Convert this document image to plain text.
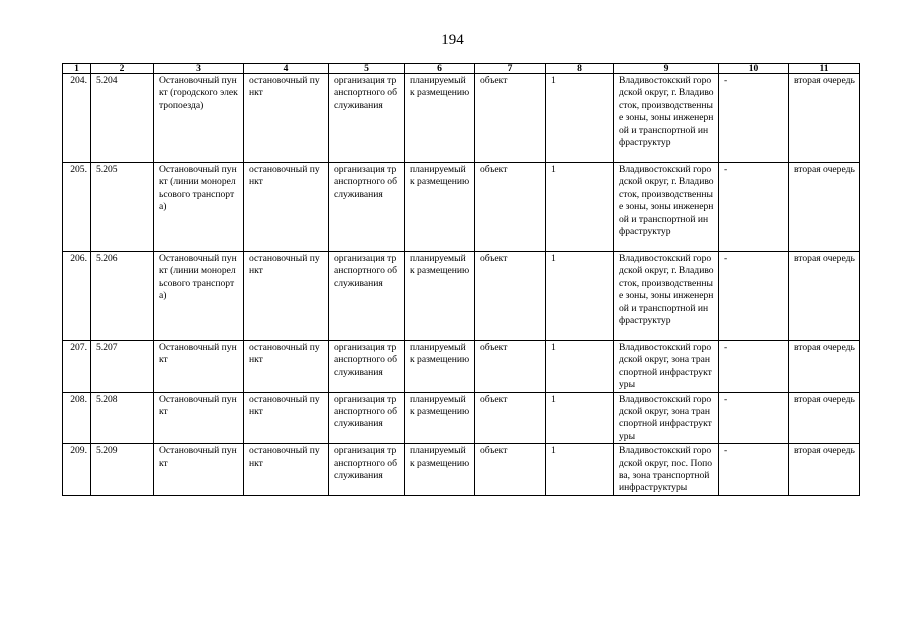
194
1	2	3	4	5	6	7	8	9	10	11
204.	5.204	Остановочный пункт (городского электропоезда)	остановочный пункт	организация транспортного обслуживания	планируемый к размещению	объект	1	Владивостокский городской округ, г. Владивосток, производственные зоны, зоны инженерной и транспортной инфраструктур	-	вторая очередь
205.	5.205	Остановочный пункт (линии монорельсового транспорта)	остановочный пункт	организация транспортного обслуживания	планируемый к размещению	объект	1	Владивостокский городской округ, г. Владивосток, производственные зоны, зоны инженерной и транспортной инфраструктур	-	вторая очередь
206.	5.206	Остановочный пункт (линии монорельсового транспорта)	остановочный пункт	организация транспортного обслуживания	планируемый к размещению	объект	1	Владивостокский городской округ, г. Владивосток, производственные зоны, зоны инженерной и транспортной инфраструктур	-	вторая очередь
207.	5.207	Остановочный пункт	остановочный пункт	организация транспортного обслуживания	планируемый к размещению	объект	1	Владивостокский городской округ, зона транспортной инфраструктуры	-	вторая очередь
208.	5.208	Остановочный пункт	остановочный пункт	организация транспортного обслуживания	планируемый к размещению	объект	1	Владивостокский городской округ, зона транспортной инфраструктуры	-	вторая очередь
209.	5.209	Остановочный пункт	остановочный пункт	организация транспортного обслуживания	планируемый к размещению	объект	1	Владивостокский городской округ, пос. Попова, зона транспортной инфраструктуры	-	вторая очередь
